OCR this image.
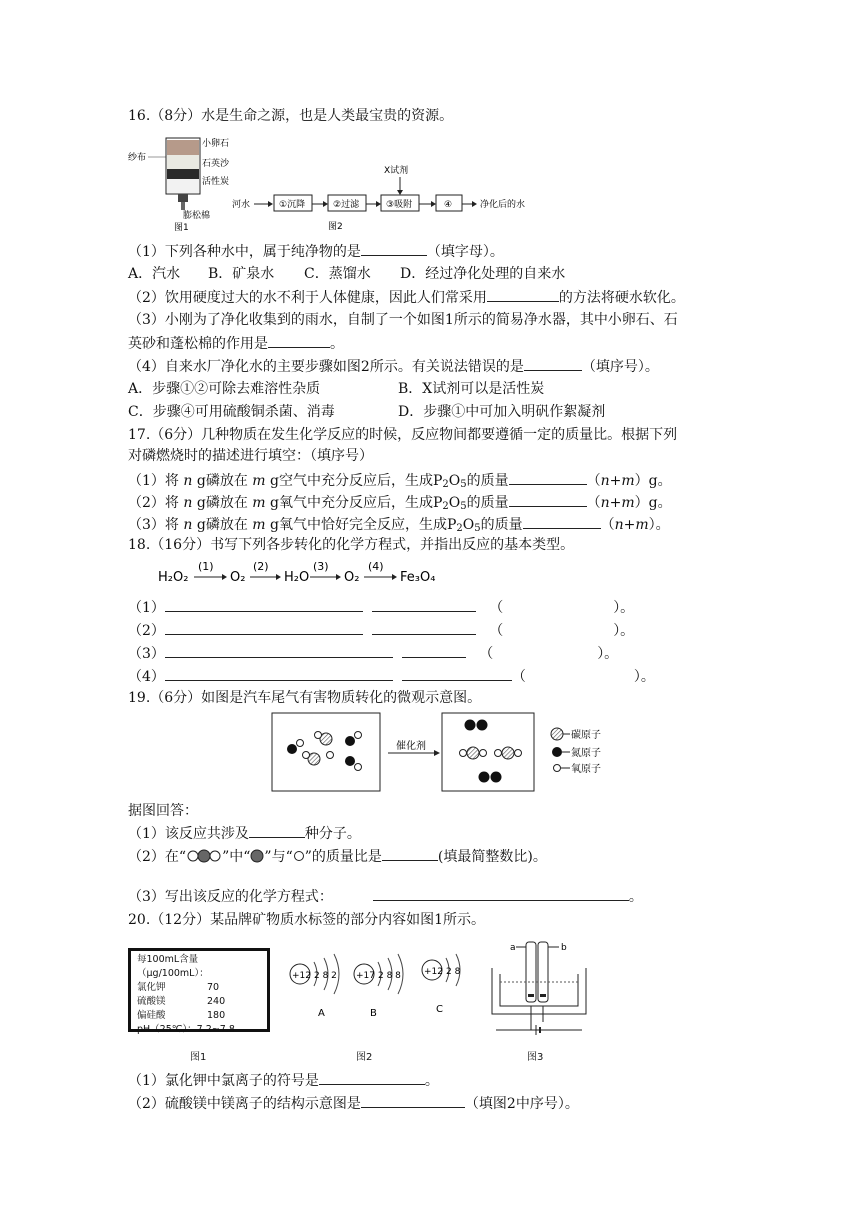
16.（8分）水是生命之源，也是人类最宝贵的资源。
纱布
小卵石
石英沙
活性炭
膨松棉
图1
河水	①沉降	②过滤	③吸附
X试剂
④	净化后的水
图2
（1）下列各种水中，属于纯净物的是	（填字母）。
A．汽水 B．矿泉水 C．蒸馏水 D．经过净化处理的自来水
（2）饮用硬度过大的水不利于人体健康，因此人们常采用	的方法将硬水软化。
（3）小刚为了净化收集到的雨水，自制了一个如图1所示的简易净水器，其中小卵石、石
英砂和蓬松棉的作用是	。
（4）自来水厂净化水的主要步骤如图2所示。有关说法错误的是	（填序号）。
A．步骤①②可除去难溶性杂质	B．X试剂可以是活性炭
C．步骤④可用硫酸铜杀菌、消毒	D．步骤①中可加入明矾作絮凝剂
17.（6分）几种物质在发生化学反应的时候，反应物间都要遵循一定的质量比。根据下列
对磷燃烧时的描述进行填空：（填序号）
（1）将 n g磷放在 m g空气中充分反应后，生成$P_2O_5$的质量	（n+m）g。
（2）将 n g磷放在 m g氧气中充分反应后，生成$P_2O_5$的质量	（n+m）g。
（3）将 n g磷放在 m g氧气中恰好完全反应，生成$P_2O_5$的质量	（n+m）。
18.（16分）书写下列各步转化的化学方程式，并指出反应的基本类型。
H₂O₂
(1)
O₂
(2)
H₂O
(3)
O₂
(4)
Fe₃O₄
（1）	（	）。
（2）	（	）。
（3）	（	）。
（4）	（	）。
19.（6分）如图是汽车尾气有害物质转化的微观示意图。
催化剂
碳原子
氮原子
氧原子
据图回答：
（1）该反应共涉及	种分子。
（2）在“	”中“ ”与“ ”的质量比是	(填最简整数比)。
（3）写出该反应的化学方程式：	。
20.（12分）某品牌矿物质水标签的部分内容如图1所示。
每100mL含量（μg/100mL）：
氯化钾	70
硫酸镁	240
偏硅酸	180
pH（25℃）：7.2~7.8
+12 2 8 2
A
+17 2 8 8
B
+12 2 8
C
a	b
图1	图2	图3
（1）氯化钾中氯离子的符号是	。
（2）硫酸镁中镁离子的结构示意图是	（填图2中序号）。
